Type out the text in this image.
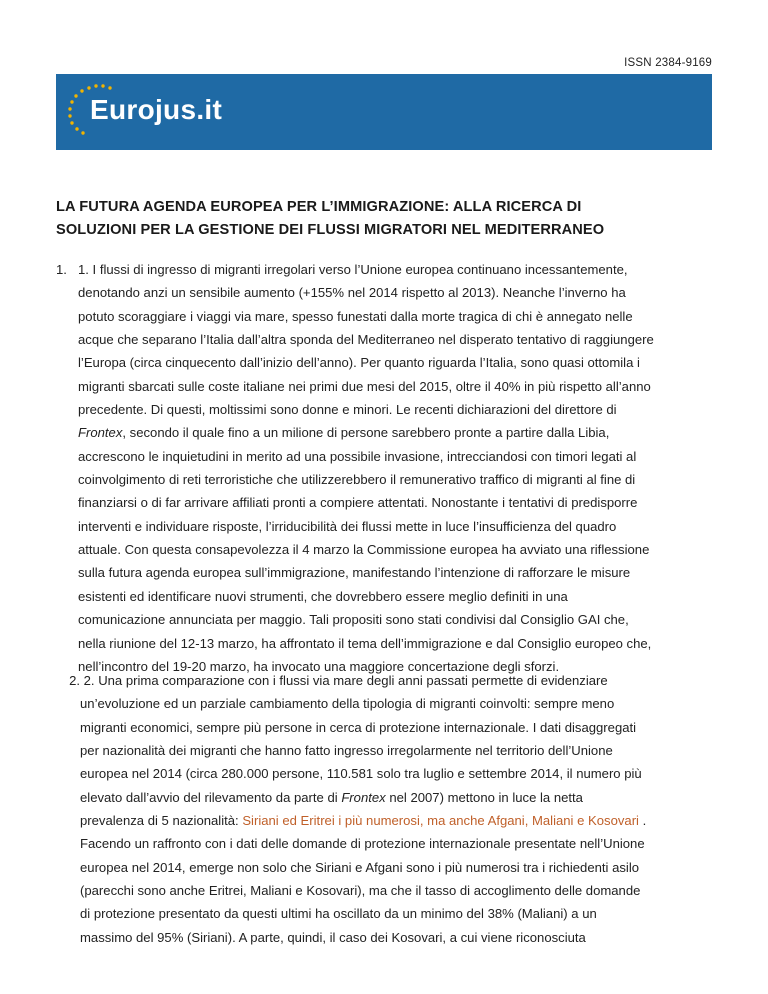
ISSN 2384-9169
Eurojus.it
LA FUTURA AGENDA EUROPEA PER L’IMMIGRAZIONE: ALLA RICERCA DI
SOLUZIONI PER LA GESTIONE DEI FLUSSI MIGRATORI NEL MEDITERRANEO
1. 1. I flussi di ingresso di migranti irregolari verso l’Unione europea continuano incessantemente,
denotando anzi un sensibile aumento (+155% nel 2014 rispetto al 2013). Neanche l’inverno ha
potuto scoraggiare i viaggi via mare, spesso funestati dalla morte tragica di chi è annegato nelle
acque che separano l’Italia dall’altra sponda del Mediterraneo nel disperato tentativo di raggiungere
l’Europa (circa cinquecento dall’inizio dell’anno). Per quanto riguarda l’Italia, sono quasi ottomila i
migranti sbarcati sulle coste italiane nei primi due mesi del 2015, oltre il 40% in più rispetto all’anno
precedente. Di questi, moltissimi sono donne e minori. Le recenti dichiarazioni del direttore di
Frontex, secondo il quale fino a un milione di persone sarebbero pronte a partire dalla Libia,
accrescono le inquietudini in merito ad una possibile invasione, intrecciandosi con timori legati al
coinvolgimento di reti terroristiche che utilizzerebbero il remunerativo traffico di migranti al fine di
finanziarsi o di far arrivare affiliati pronti a compiere attentati. Nonostante i tentativi di predisporre
interventi e individuare risposte, l’irriducibilità dei flussi mette in luce l’insufficienza del quadro
attuale. Con questa consapevolezza il 4 marzo la Commissione europea ha avviato una riflessione
sulla futura agenda europea sull’immigrazione, manifestando l’intenzione di rafforzare le misure
esistenti ed identificare nuovi strumenti, che dovrebbero essere meglio definiti in una
comunicazione annunciata per maggio. Tali propositi sono stati condivisi dal Consiglio GAI che,
nella riunione del 12-13 marzo, ha affrontato il tema dell’immigrazione e dal Consiglio europeo che,
nell’incontro del 19-20 marzo, ha invocato una maggiore concertazione degli sforzi.
2. 2. Una prima comparazione con i flussi via mare degli anni passati permette di evidenziare
un’evoluzione ed un parziale cambiamento della tipologia di migranti coinvolti: sempre meno
migranti economici, sempre più persone in cerca di protezione internazionale. I dati disaggregati
per nazionalità dei migranti che hanno fatto ingresso irregolarmente nel territorio dell’Unione
europea nel 2014 (circa 280.000 persone, 110.581 solo tra luglio e settembre 2014, il numero più
elevato dall’avvio del rilevamento da parte di Frontex nel 2007) mettono in luce la netta
prevalenza di 5 nazionalità: Siriani ed Eritrei i più numerosi, ma anche Afgani, Maliani e Kosovari .
Facendo un raffronto con i dati delle domande di protezione internazionale presentate nell’Unione
europea nel 2014, emerge non solo che Siriani e Afgani sono i più numerosi tra i richiedenti asilo
(parecchi sono anche Eritrei, Maliani e Kosovari), ma che il tasso di accoglimento delle domande
di protezione presentato da questi ultimi ha oscillato da un minimo del 38% (Maliani) a un
massimo del 95% (Siriani). A parte, quindi, il caso dei Kosovari, a cui viene riconosciuta
